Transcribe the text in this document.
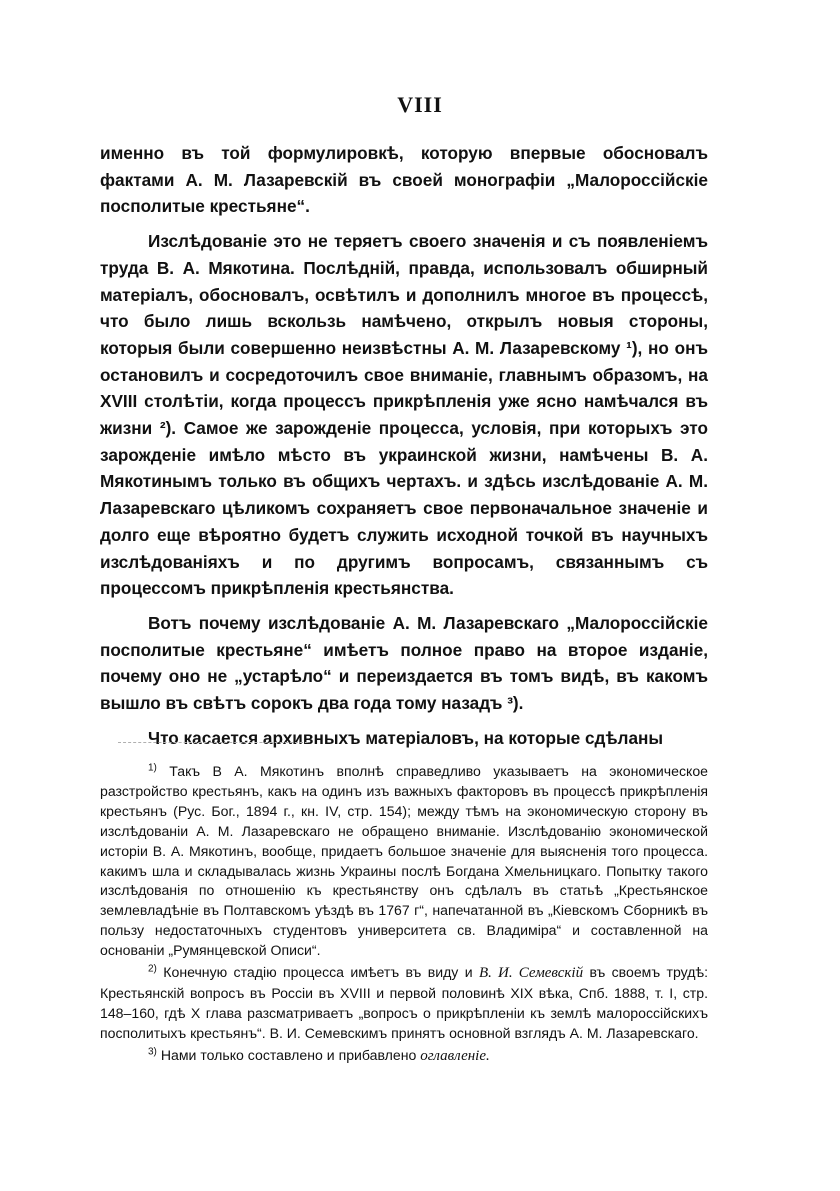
VIII

именно въ той формулировкѣ, которую впервые обосновалъ фактами А. М. Лазаревскій въ своей монографіи „Малороссійскіе посполитые крестьяне“.

Изслѣдованіе это не теряетъ своего значенія и съ появленіемъ труда В. А. Мякотина. Послѣдній, правда, использовалъ обширный матеріалъ, обосновалъ, освѣтилъ и дополнилъ многое въ процессѣ, что было лишь вскользь намѣчено, открылъ новыя стороны, которыя были совершенно неизвѣстны А. М. Лазаревскому ¹), но онъ остановилъ и сосредоточилъ свое вниманіе, главнымъ образомъ, на XVIII столѣтіи, когда процессъ прикрѣпленія уже ясно намѣчался въ жизни ²). Самое же зарожденіе процесса, условія, при которыхъ это зарожденіе имѣло мѣсто въ украинской жизни, намѣчены В. А. Мякотинымъ только въ общихъ чертахъ. и здѣсь изслѣдованіе А. М. Лазаревскаго цѣликомъ сохраняетъ свое первоначальное значеніе и долго еще вѣроятно будетъ служить исходной точкой въ научныхъ изслѣдованіяхъ и по другимъ вопросамъ, связаннымъ съ процессомъ прикрѣпленія крестьянства.

Вотъ почему изслѣдованіе А. М. Лазаревскаго „Малороссійскіе посполитые крестьяне“ имѣетъ полное право на второе изданіе, почему оно не „устарѣло“ и переиздается въ томъ видѣ, въ какомъ вышло въ свѣтъ сорокъ два года тому назадъ ³).

Что касается архивныхъ матеріаловъ, на которые сдѣланы

$^{1)}$ Такъ В А. Мякотинъ вполнѣ справедливо указываетъ на экономическое разстройство крестьянъ, какъ на одинъ изъ важныхъ факторовъ въ процессѣ прикрѣпленія крестьянъ (Рус. Бог., 1894 г., кн. IV, стр. 154); между тѣмъ на экономическую сторону въ изслѣдованіи А. М. Лазаревскаго не обращено вниманіе. Изслѣдованію экономической исторіи В. А. Мякотинъ, вообще, придаетъ большое значеніе для выясненія того процесса. какимъ шла и складывалась жизнь Украины послѣ Богдана Хмельницкаго. Попытку такого изслѣдованія по отношенію къ крестьянству онъ сдѣлалъ въ статьѣ „Крестьянское землевладѣніе въ Полтавскомъ уѣздѣ въ 1767 г“, напечатанной въ „Кіевскомъ Сборникѣ въ пользу недостаточныхъ студентовъ университета св. Владиміра“ и составленной на основаніи „Румянцевской Описи“.

$^{2)}$ Конечную стадію процесса имѣетъ въ виду и В. И. Семевскій въ своемъ трудѣ: Крестьянскій вопросъ въ Россіи въ XVIII и первой половинѣ XIX вѣка, Спб. 1888, т. I, стр. 148–160, гдѣ X глава разсматриваетъ „вопросъ о прикрѣпленіи къ землѣ малороссійскихъ посполитыхъ крестьянъ“. В. И. Семевскимъ принятъ основной взглядъ А. М. Лазаревскаго.

$^{3)}$ Нами только составлено и прибавлено оглавленіе.
